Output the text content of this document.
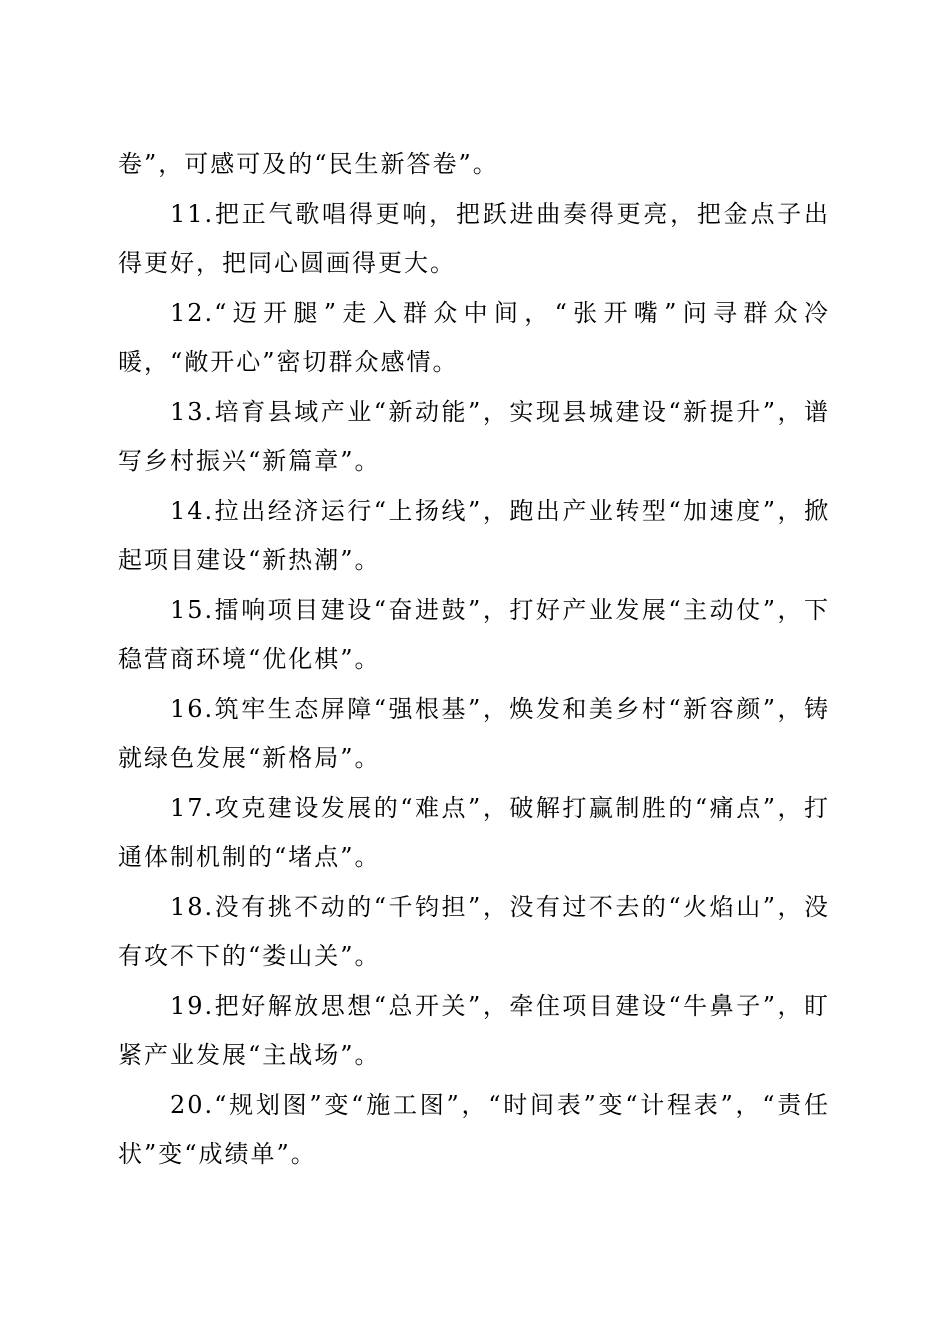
卷”，可感可及的“民生新答卷”。

11.把正气歌唱得更响，把跃进曲奏得更亮，把金点子出得更好，把同心圆画得更大。

12.“迈开腿”走入群众中间，“张开嘴”问寻群众冷暖，“敞开心”密切群众感情。

13.培育县域产业“新动能”，实现县城建设“新提升”，谱写乡村振兴“新篇章”。

14.拉出经济运行“上扬线”，跑出产业转型“加速度”，掀起项目建设“新热潮”。

15.擂响项目建设“奋进鼓”，打好产业发展“主动仗”，下稳营商环境“优化棋”。

16.筑牢生态屏障“强根基”，焕发和美乡村“新容颜”，铸就绿色发展“新格局”。

17.攻克建设发展的“难点”，破解打赢制胜的“痛点”，打通体制机制的“堵点”。

18.没有挑不动的“千钧担”，没有过不去的“火焰山”，没有攻不下的“娄山关”。

19.把好解放思想“总开关”，牵住项目建设“牛鼻子”，盯紧产业发展“主战场”。

20.“规划图”变“施工图”，“时间表”变“计程表”，“责任状”变“成绩单”。
